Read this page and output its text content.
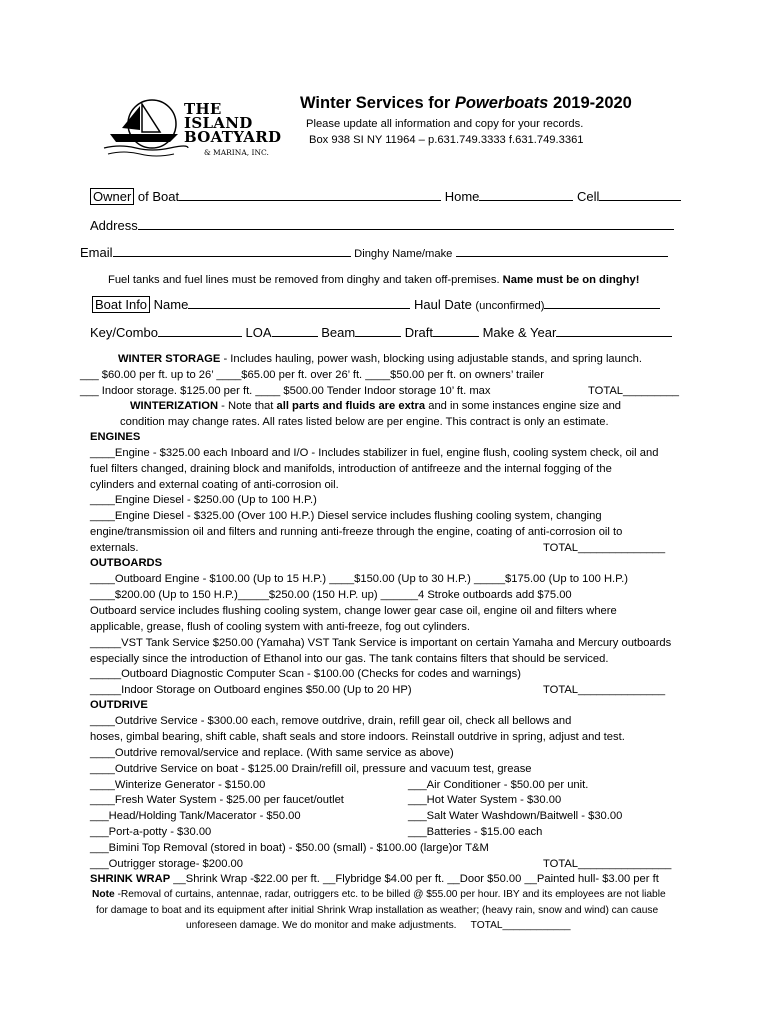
THE
ISLAND
BOATYARD
& MARINA, INC.
Winter Services for Powerboats 2019-2020
Please update all information and copy for your records.
Box 938 SI NY 11964 – p.631.749.3333 f.631.749.3361
Owner of Boat	Home	Cell
Address
Email	Dinghy Name/make
Fuel tanks and fuel lines must be removed from dinghy and taken off-premises. Name must be on dinghy!
Boat Info Name	Haul Date (unconfirmed)
Key/Combo	LOA	Beam	Draft	Make & Year
WINTER STORAGE - Includes hauling, power wash, blocking using adjustable stands, and spring launch.
___ $60.00 per ft. up to 26’ ____$65.00 per ft. over 26’ ft. ____$50.00 per ft. on owners’ trailer
___ Indoor storage. $125.00 per ft. ____ $500.00 Tender Indoor storage 10’ ft. max	TOTAL_________
WINTERIZATION - Note that all parts and fluids are extra and in some instances engine size and
condition may change rates. All rates listed below are per engine. This contract is only an estimate.
ENGINES
____Engine - $325.00 each Inboard and I/O - Includes stabilizer in fuel, engine flush, cooling system check, oil and
fuel filters changed, draining block and manifolds, introduction of antifreeze and the internal fogging of the
cylinders and external coating of anti-corrosion oil.
____Engine Diesel - $250.00 (Up to 100 H.P.)
____Engine Diesel - $325.00 (Over 100 H.P.) Diesel service includes flushing cooling system, changing
engine/transmission oil and filters and running anti-freeze through the engine, coating of anti-corrosion oil to
externals.	TOTAL______________
OUTBOARDS
____Outboard Engine - $100.00 (Up to 15 H.P.) ____$150.00 (Up to 30 H.P.) _____$175.00 (Up to 100 H.P.)
____$200.00 (Up to 150 H.P.)_____$250.00 (150 H.P. up) ______4 Stroke outboards add $75.00
Outboard service includes flushing cooling system, change lower gear case oil, engine oil and filters where
applicable, grease, flush of cooling system with anti-freeze, fog out cylinders.
_____VST Tank Service $250.00 (Yamaha) VST Tank Service is important on certain Yamaha and Mercury outboards
especially since the introduction of Ethanol into our gas. The tank contains filters that should be serviced.
_____Outboard Diagnostic Computer Scan - $100.00 (Checks for codes and warnings)
_____Indoor Storage on Outboard engines $50.00 (Up to 20 HP)	TOTAL______________
OUTDRIVE
____Outdrive Service - $300.00 each, remove outdrive, drain, refill gear oil, check all bellows and
hoses, gimbal bearing, shift cable, shaft seals and store indoors. Reinstall outdrive in spring, adjust and test.
____Outdrive removal/service and replace. (With same service as above)
____Outdrive Service on boat - $125.00 Drain/refill oil, pressure and vacuum test, grease
____Winterize Generator - $150.00	___Air Conditioner - $50.00 per unit.
____Fresh Water System - $25.00 per faucet/outlet	___Hot Water System - $30.00
___Head/Holding Tank/Macerator - $50.00	___Salt Water Washdown/Baitwell - $30.00
___Port-a-potty - $30.00	___Batteries - $15.00 each
___Bimini Top Removal (stored in boat) - $50.00 (small) - $100.00 (large)or T&M
___Outrigger storage- $200.00	TOTAL_______________
SHRINK WRAP __Shrink Wrap -$22.00 per ft. __Flybridge $4.00 per ft. __Door $50.00 __Painted hull- $3.00 per ft
Note -Removal of curtains, antennae, radar, outriggers etc. to be billed @ $55.00 per hour. IBY and its employees are not liable
for damage to boat and its equipment after initial Shrink Wrap installation as weather; (heavy rain, snow and wind) can cause
unforeseen damage. We do monitor and make adjustments. TOTAL____________
